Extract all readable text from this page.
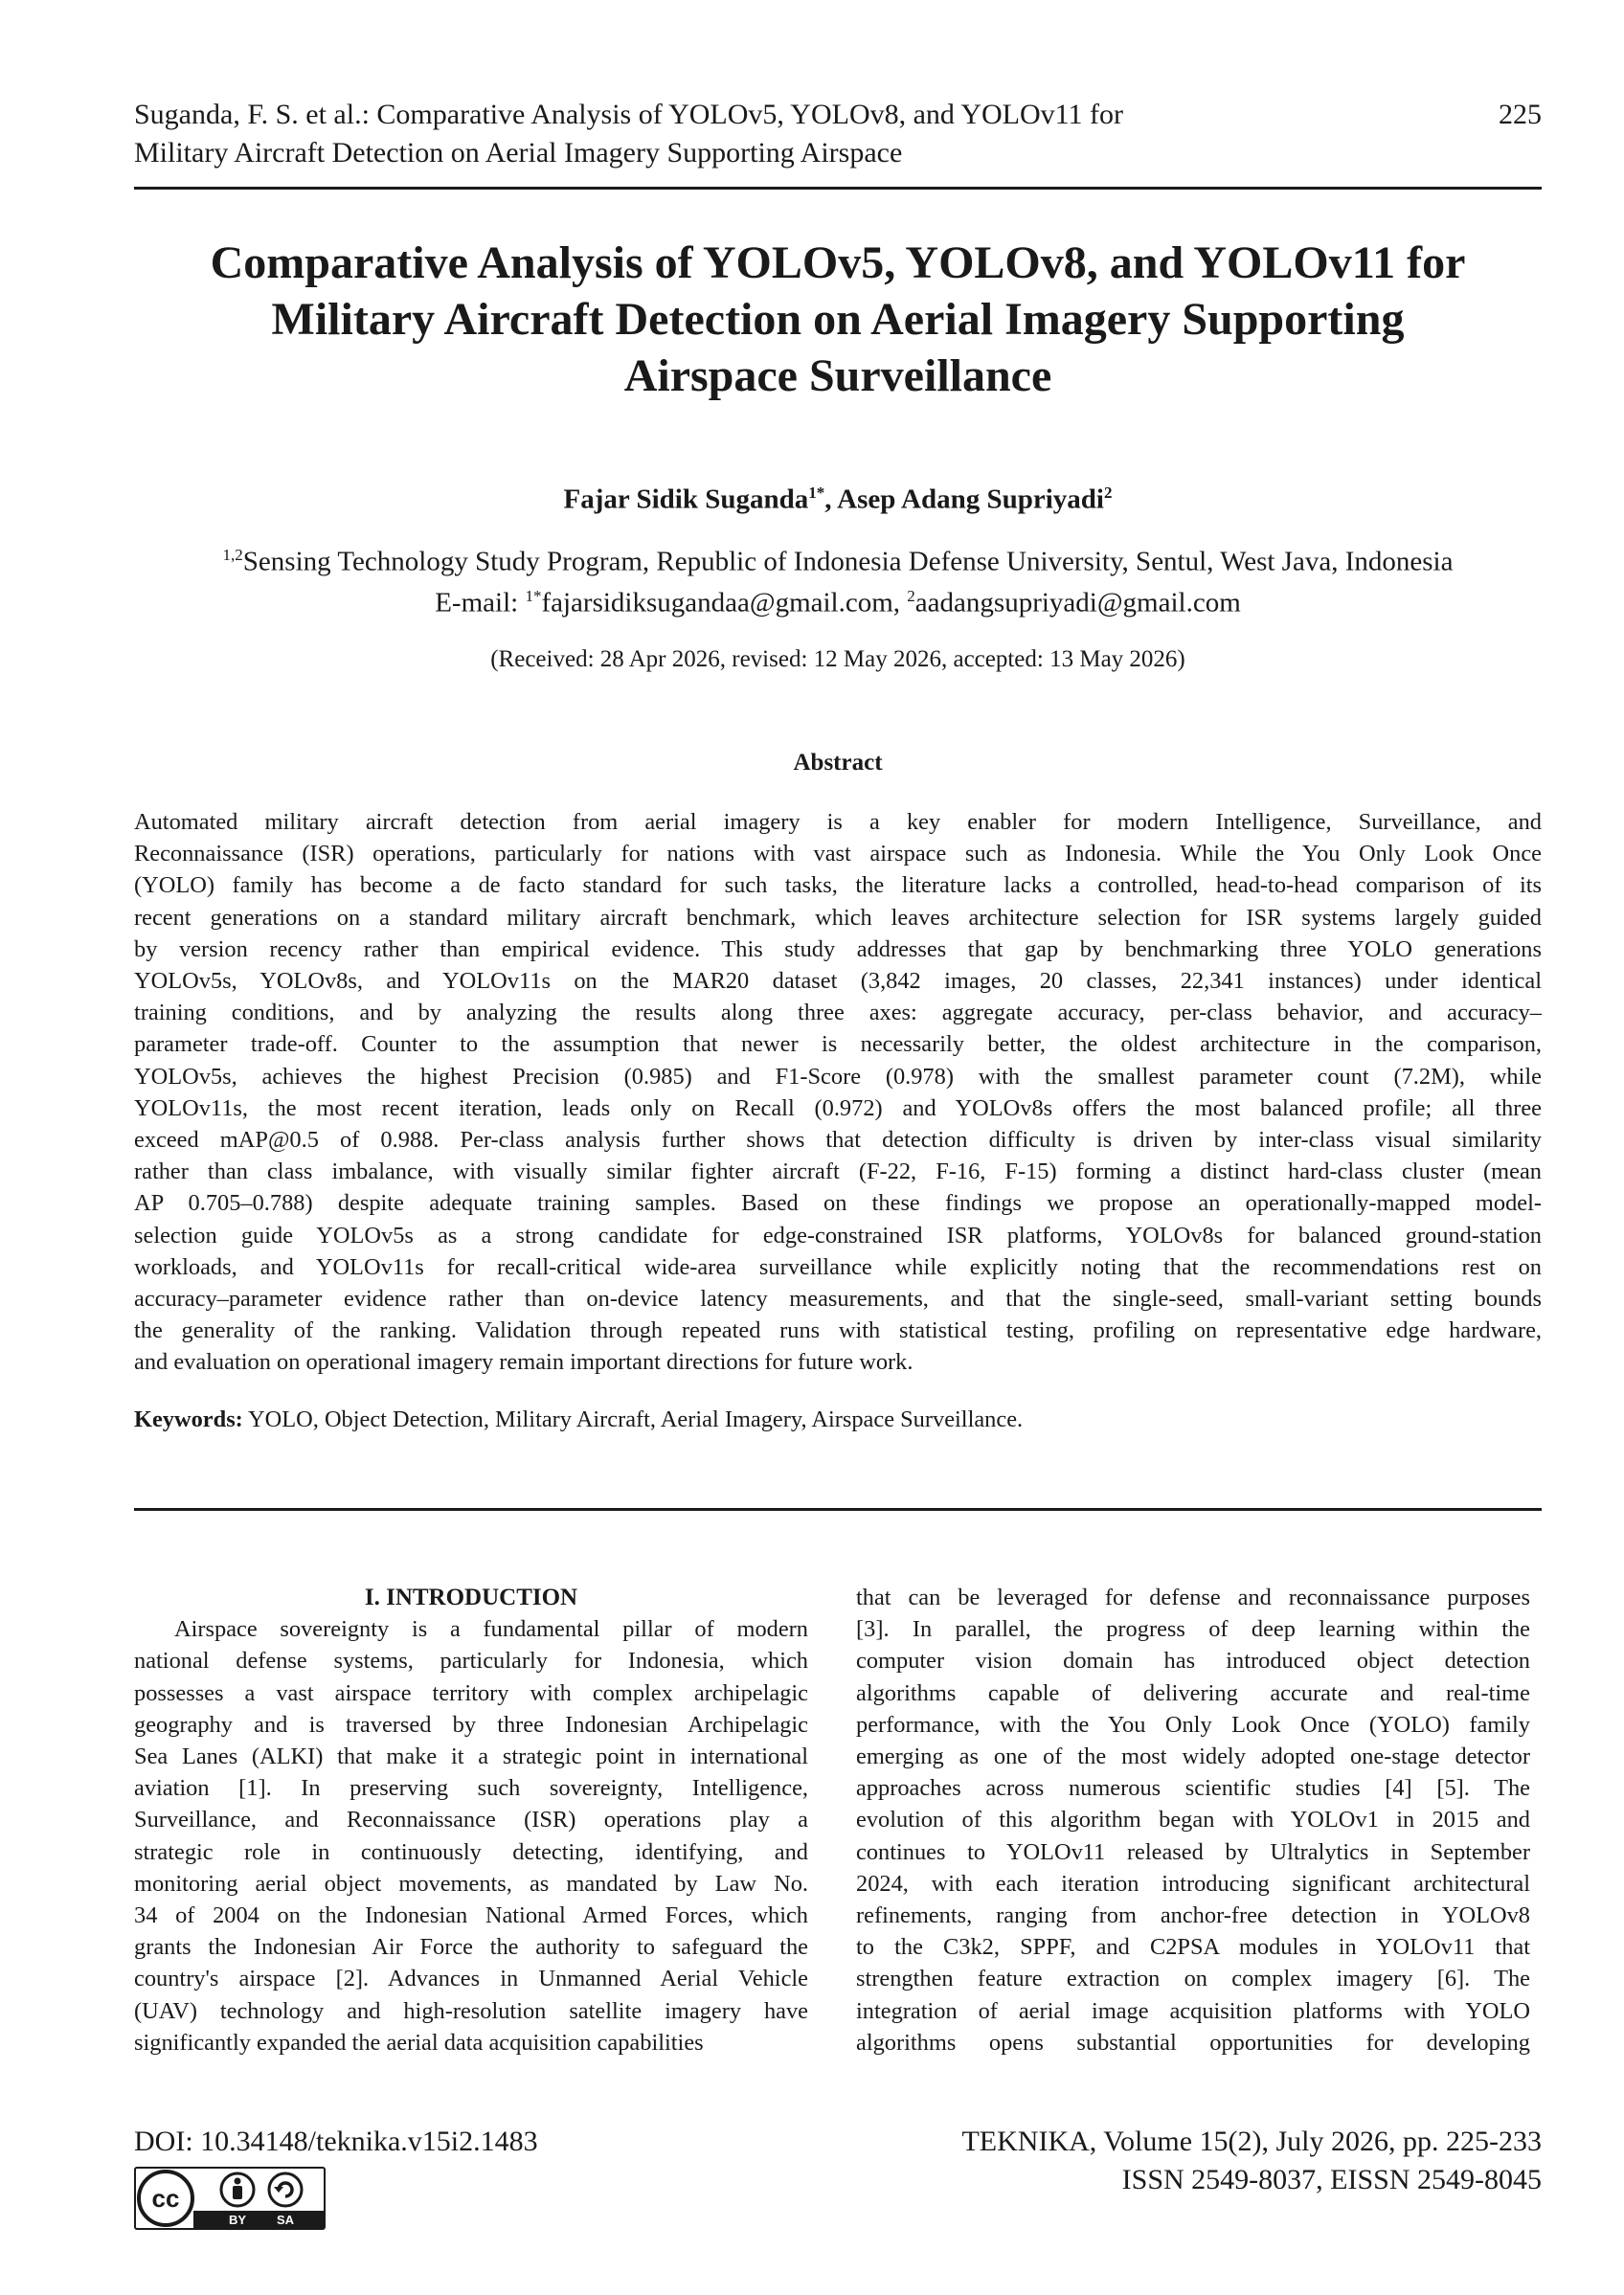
Suganda, F. S. et al.: Comparative Analysis of YOLOv5, YOLOv8, and YOLOv11 for
Military Aircraft Detection on Aerial Imagery Supporting Airspace
225
Comparative Analysis of YOLOv5, YOLOv8, and YOLOv11 for
Military Aircraft Detection on Aerial Imagery Supporting
Airspace Surveillance
Fajar Sidik Suganda$^{1*}$, Asep Adang Supriyadi$^2$
$^{1,2}$Sensing Technology Study Program, Republic of Indonesia Defense University, Sentul, West Java, Indonesia
E-mail: $^{1*}$fajarsidiksugandaa@gmail.com, $^2$aadangsupriyadi@gmail.com
(Received: 28 Apr 2026, revised: 12 May 2026, accepted: 13 May 2026)
Abstract
Automated military aircraft detection from aerial imagery is a key enabler for modern Intelligence, Surveillance, and
Reconnaissance (ISR) operations, particularly for nations with vast airspace such as Indonesia. While the You Only Look Once
(YOLO) family has become a de facto standard for such tasks, the literature lacks a controlled, head-to-head comparison of its
recent generations on a standard military aircraft benchmark, which leaves architecture selection for ISR systems largely guided
by version recency rather than empirical evidence. This study addresses that gap by benchmarking three YOLO generations
YOLOv5s, YOLOv8s, and YOLOv11s on the MAR20 dataset (3,842 images, 20 classes, 22,341 instances) under identical
training conditions, and by analyzing the results along three axes: aggregate accuracy, per-class behavior, and accuracy–
parameter trade-off. Counter to the assumption that newer is necessarily better, the oldest architecture in the comparison,
YOLOv5s, achieves the highest Precision (0.985) and F1-Score (0.978) with the smallest parameter count (7.2M), while
YOLOv11s, the most recent iteration, leads only on Recall (0.972) and YOLOv8s offers the most balanced profile; all three
exceed mAP@0.5 of 0.988. Per-class analysis further shows that detection difficulty is driven by inter-class visual similarity
rather than class imbalance, with visually similar fighter aircraft (F-22, F-16, F-15) forming a distinct hard-class cluster (mean
AP 0.705–0.788) despite adequate training samples. Based on these findings we propose an operationally-mapped model-
selection guide YOLOv5s as a strong candidate for edge-constrained ISR platforms, YOLOv8s for balanced ground-station
workloads, and YOLOv11s for recall-critical wide-area surveillance while explicitly noting that the recommendations rest on
accuracy–parameter evidence rather than on-device latency measurements, and that the single-seed, small-variant setting bounds
the generality of the ranking. Validation through repeated runs with statistical testing, profiling on representative edge hardware,
and evaluation on operational imagery remain important directions for future work.
Keywords: YOLO, Object Detection, Military Aircraft, Aerial Imagery, Airspace Surveillance.
I. INTRODUCTION
Airspace sovereignty is a fundamental pillar of modern
national defense systems, particularly for Indonesia, which
possesses a vast airspace territory with complex archipelagic
geography and is traversed by three Indonesian Archipelagic
Sea Lanes (ALKI) that make it a strategic point in international
aviation [1]. In preserving such sovereignty, Intelligence,
Surveillance, and Reconnaissance (ISR) operations play a
strategic role in continuously detecting, identifying, and
monitoring aerial object movements, as mandated by Law No.
34 of 2004 on the Indonesian National Armed Forces, which
grants the Indonesian Air Force the authority to safeguard the
country's airspace [2]. Advances in Unmanned Aerial Vehicle
(UAV) technology and high-resolution satellite imagery have
significantly expanded the aerial data acquisition capabilities
that can be leveraged for defense and reconnaissance purposes
[3]. In parallel, the progress of deep learning within the
computer vision domain has introduced object detection
algorithms capable of delivering accurate and real-time
performance, with the You Only Look Once (YOLO) family
emerging as one of the most widely adopted one-stage detector
approaches across numerous scientific studies [4] [5]. The
evolution of this algorithm began with YOLOv1 in 2015 and
continues to YOLOv11 released by Ultralytics in September
2024, with each iteration introducing significant architectural
refinements, ranging from anchor-free detection in YOLOv8
to the C3k2, SPPF, and C2PSA modules in YOLOv11 that
strengthen feature extraction on complex imagery [6]. The
integration of aerial image acquisition platforms with YOLO
algorithms opens substantial opportunities for developing
DOI: 10.34148/teknika.v15i2.1483	TEKNIKA, Volume 15(2), July 2026, pp. 225-233
ISSN 2549-8037, EISSN 2549-8045
cc
BY SA
